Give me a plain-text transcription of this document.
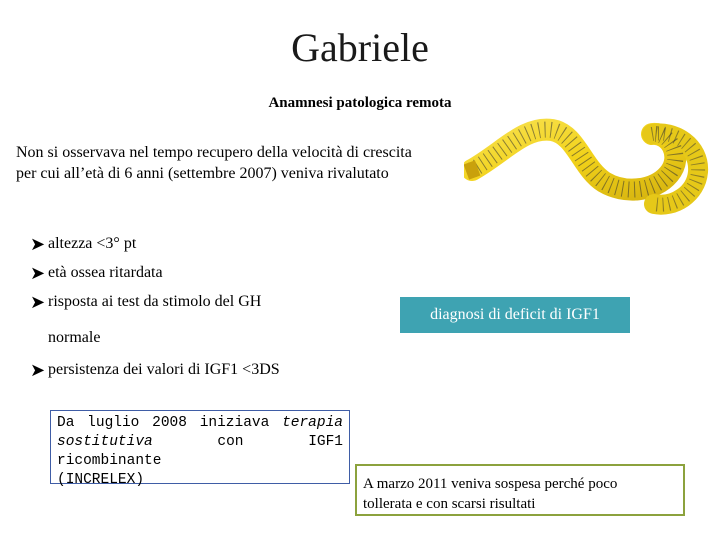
Gabriele
Anamnesi patologica remota
Non si osservava nel tempo recupero della velocità di crescita
per cui all’età di 6 anni (settembre 2007) veniva rivalutato
➤ altezza <3° pt
➤ età ossea ritardata
➤ risposta ai test da stimolo del GH
normale
➤ persistenza dei valori di IGF1 <3DS
diagnosi di deficit di IGF1
Da luglio 2008 iniziava terapia
sostitutiva	con IGF1 ricombinante
(INCRELEX)	A marzo 2011 veniva sospesa perché poco
tollerata e con scarsi risultati
